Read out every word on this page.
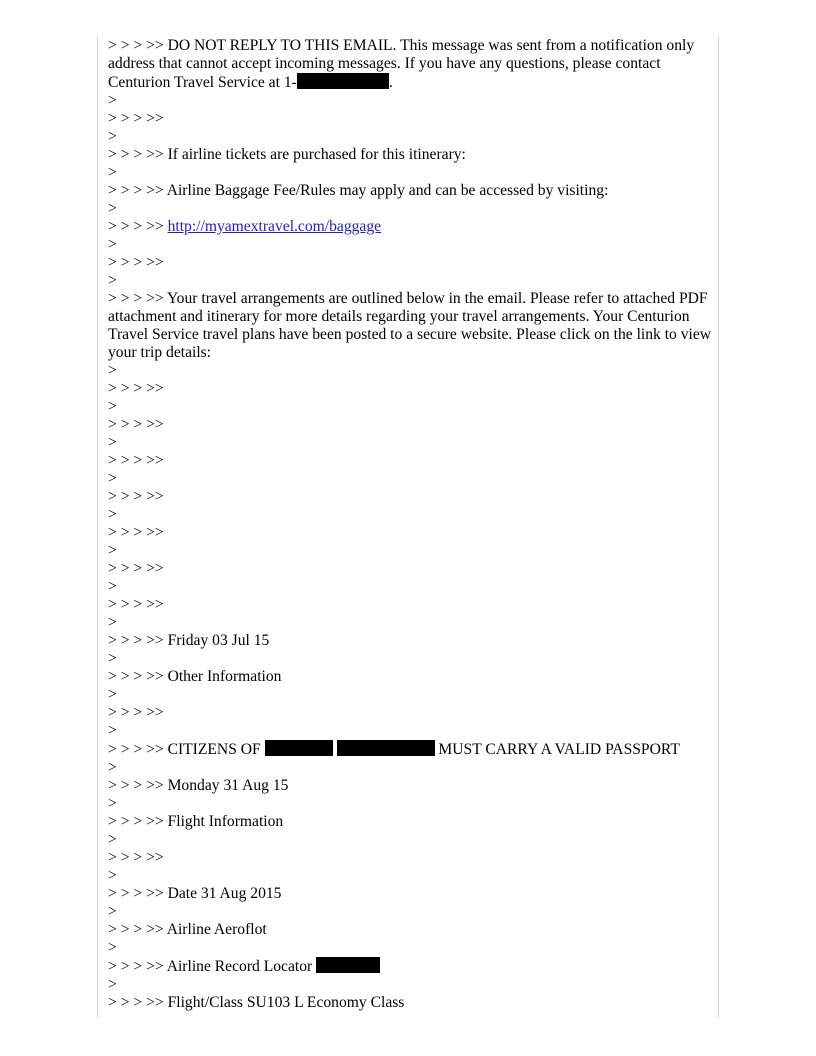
> > > >> DO NOT REPLY TO THIS EMAIL. This message was sent from a notification only address that cannot accept incoming messages. If you have any questions, please contact Centurion Travel Service at 1-	.
>
> > > >>
>
> > > >> If airline tickets are purchased for this itinerary:
>
> > > >> Airline Baggage Fee/Rules may apply and can be accessed by visiting:
>
> > > >> http://myamextravel.com/baggage
>
> > > >>
>
> > > >> Your travel arrangements are outlined below in the email. Please refer to attached PDF attachment and itinerary for more details regarding your travel arrangements. Your Centurion Travel Service travel plans have been posted to a secure website. Please click on the link to view your trip details:
>
> > > >>
>
> > > >>
>
> > > >>
>
> > > >>
>
> > > >>
>
> > > >>
>
> > > >>
>
> > > >> Friday 03 Jul 15
>
> > > >> Other Information
>
> > > >>
>
> > > >> CITIZENS OF	MUST CARRY A VALID PASSPORT
>
> > > >> Monday 31 Aug 15
>
> > > >> Flight Information
>
> > > >>
>
> > > >> Date 31 Aug 2015
>
> > > >> Airline Aeroflot
>
> > > >> Airline Record Locator
>
> > > >> Flight/Class SU103 L Economy Class
